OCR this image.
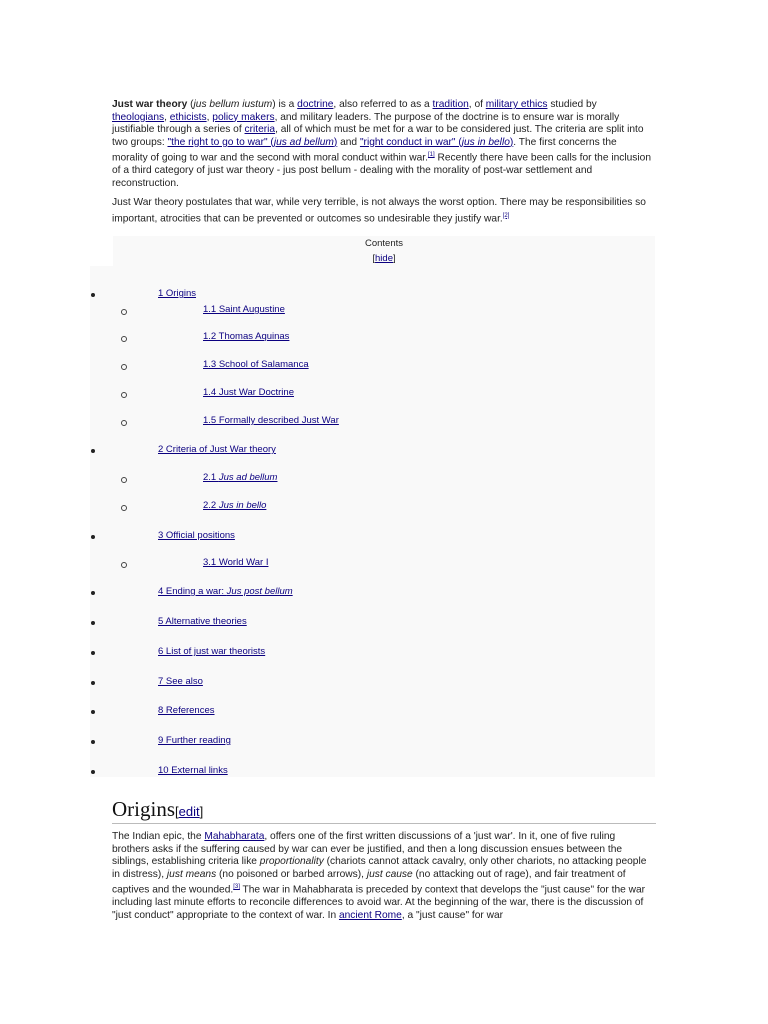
Just war theory (jus bellum iustum) is a doctrine, also referred to as a tradition, of military ethics studied by theologians, ethicists, policy makers, and military leaders. The purpose of the doctrine is to ensure war is morally justifiable through a series of criteria, all of which must be met for a war to be considered just. The criteria are split into two groups: "the right to go to war" (jus ad bellum) and "right conduct in war" (jus in bello). The first concerns the morality of going to war and the second with moral conduct within war.[1] Recently there have been calls for the inclusion of a third category of just war theory - jus post bellum - dealing with the morality of post-war settlement and reconstruction.
Just War theory postulates that war, while very terrible, is not always the worst option. There may be responsibilities so important, atrocities that can be prevented or outcomes so undesirable they justify war.[2]
Contents
[hide]
1 Origins
1.1 Saint Augustine
1.2 Thomas Aquinas
1.3 School of Salamanca
1.4 Just War Doctrine
1.5 Formally described Just War
2 Criteria of Just War theory
2.1 Jus ad bellum
2.2 Jus in bello
3 Official positions
3.1 World War I
4 Ending a war: Jus post bellum
5 Alternative theories
6 List of just war theorists
7 See also
8 References
9 Further reading
10 External links
Origins[edit]
The Indian epic, the Mahabharata, offers one of the first written discussions of a 'just war'. In it, one of five ruling brothers asks if the suffering caused by war can ever be justified, and then a long discussion ensues between the siblings, establishing criteria like proportionality (chariots cannot attack cavalry, only other chariots, no attacking people in distress), just means (no poisoned or barbed arrows), just cause (no attacking out of rage), and fair treatment of captives and the wounded.[3] The war in Mahabharata is preceded by context that develops the "just cause" for the war including last minute efforts to reconcile differences to avoid war. At the beginning of the war, there is the discussion of "just conduct" appropriate to the context of war. In ancient Rome, a "just cause" for war
